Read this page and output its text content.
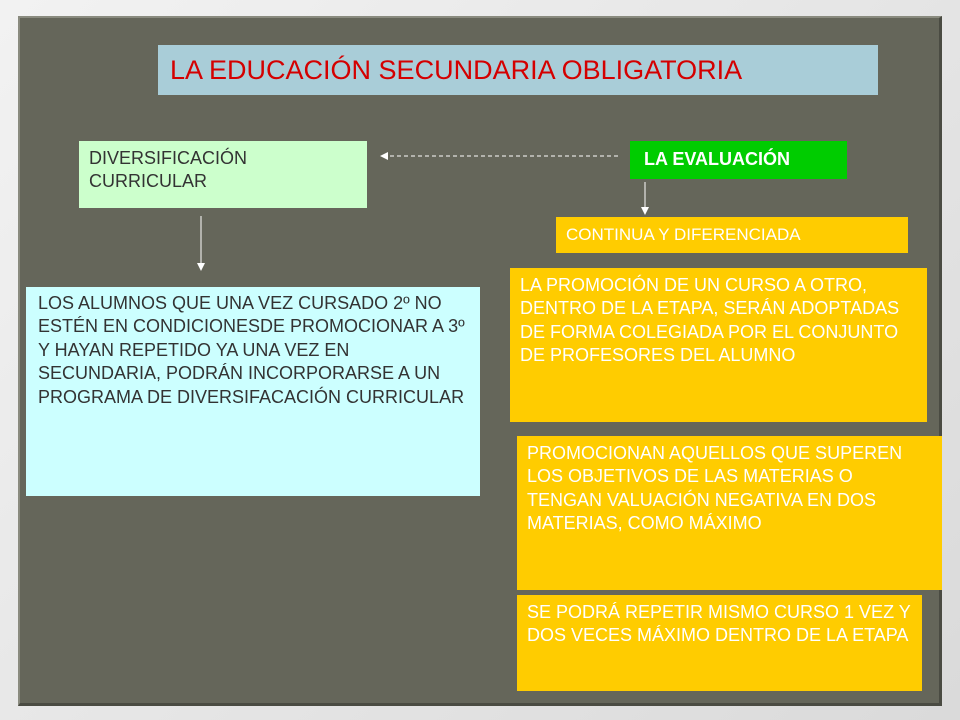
LA EDUCACIÓN SECUNDARIA OBLIGATORIA
DIVERSIFICACIÓN CURRICULAR
LA EVALUACIÓN
CONTINUA Y DIFERENCIADA
LOS ALUMNOS QUE UNA VEZ CURSADO 2º NO ESTÉN EN CONDICIONESDE PROMOCIONAR A 3º Y HAYAN REPETIDO YA UNA VEZ EN SECUNDARIA, PODRÁN INCORPORARSE A UN PROGRAMA DE DIVERSIFACACIÓN CURRICULAR
LA PROMOCIÓN DE UN CURSO A OTRO, DENTRO DE LA ETAPA, SERÁN ADOPTADAS DE FORMA COLEGIADA POR EL CONJUNTO DE PROFESORES DEL ALUMNO
PROMOCIONAN AQUELLOS QUE SUPEREN LOS OBJETIVOS DE LAS MATERIAS O TENGAN VALUACIÓN NEGATIVA EN DOS MATERIAS, COMO MÁXIMO
SE PODRÁ REPETIR MISMO CURSO 1 VEZ Y DOS VECES MÁXIMO DENTRO DE LA ETAPA
